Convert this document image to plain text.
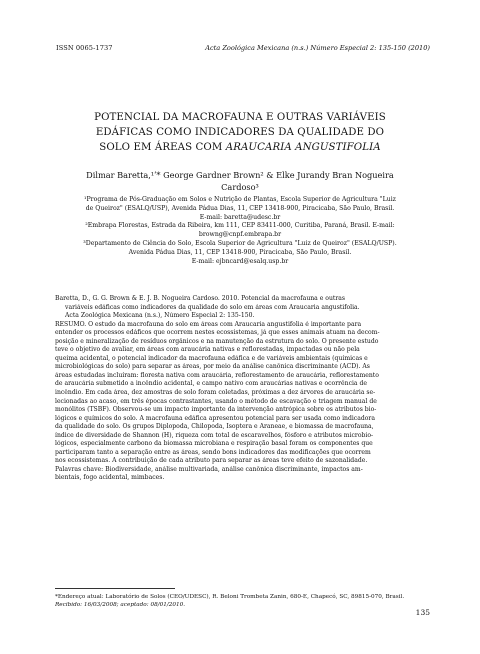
ISSN 0065-1737	Acta Zoológica Mexicana (n.s.) Número Especial 2: 135-150 (2010)
POTENCIAL DA MACROFAUNA E OUTRAS VARIÁVEIS
EDÁFICAS COMO INDICADORES DA QUALIDADE DO
SOLO EM ÁREAS COM ARAUCARIA ANGUSTIFOLIA
Dilmar Baretta,¹ʹ* George Gardner Brown² & Elke Jurandy Bran Nogueira
Cardoso³
¹Programa de Pós-Graduação em Solos e Nutrição de Plantas, Escola Superior de Agricultura "Luiz
de Queiroz" (ESALQ/USP), Avenida Pádua Dias, 11, CEP 13418-900, Piracicaba, São Paulo, Brasil.
E-mail: baretta@udesc.br
²Embrapa Florestas, Estrada da Ribeira, km 111, CEP 83411-000, Curitiba, Paraná, Brasil. E-mail:
browng@cnpf.embrapa.br
³Departamento de Ciência do Solo, Escola Superior de Agricultura "Luiz de Queiroz" (ESALQ/USP).
Avenida Pádua Dias, 11, CEP 13418-900, Piracicaba, São Paulo, Brasil.
E-mail: ejbncard@esalq.usp.br
Baretta, D., G. G. Brown & E. J. B. Nogueira Cardoso. 2010. Potencial da macrofauna e outras
variáveis edáficas como indicadores da qualidade do solo em áreas com Araucaria angustifolia.
Acta Zoológica Mexicana (n.s.), Número Especial 2: 135-150.
RESUMO. O estudo da macrofauna do solo em áreas com Araucaria angustifolia é importante para
entender os processos edáficos que ocorrem nestes ecossistemas, já que esses animais atuam na decom-
posição e mineralização de resíduos orgânicos e na manutenção da estrutura do solo. O presente estudo
teve o objetivo de avaliar, em áreas com araucária nativas e reflorestadas, impactadas ou não pela
queima acidental, o potencial indicador da macrofauna edáfica e de variáveis ambientais (químicas e
microbiológicas do solo) para separar as áreas, por meio da análise canônica discriminante (ACD). As
áreas estudadas incluíram: floresta nativa com araucária, reflorestamento de araucária, reflorestamento
de araucária submetido a incêndio acidental, e campo nativo com araucárias nativas e ocorrência de
incêndio. Em cada área, dez amostras de solo foram coletadas, próximas a dez árvores de araucária se-
lecionadas ao acaso, em três épocas contrastantes, usando o método de escavação e triagem manual de
monólitos (TSBF). Observou-se um impacto importante da intervenção antrópica sobre os atributos bio-
lógicos e químicos do solo. A macrofauna edáfica apresentou potencial para ser usada como indicadora
da qualidade do solo. Os grupos Diplopoda, Chilopoda, Isoptera e Araneae, e biomassa de macrofauna,
índice de diversidade de Shannon (H), riqueza com total de escaravelhos, fósforo e atributos microbio-
lógicos, especialmente carbono da biomassa microbiana e respiração basal foram os componentes que
participaram tanto a separação entre as áreas, sendo bons indicadores das modificações que ocorrem
nos ecossistemas. A contribuição de cada atributo para separar as áreas teve efeito de sazonalidade.
Palavras chave: Biodiversidade, análise multivariada, análise canônica discriminante, impactos am-
bientais, fogo acidental, mimbaces.
*Endereço atual: Laboratório de Solos (CEO/UDESC), R. Beloni Trombeta Zanin, 680-E, Chapecó, SC, 89815-070, Brasil.
Recibido: 16/03/2008; aceptado: 08/01/2010.
135
